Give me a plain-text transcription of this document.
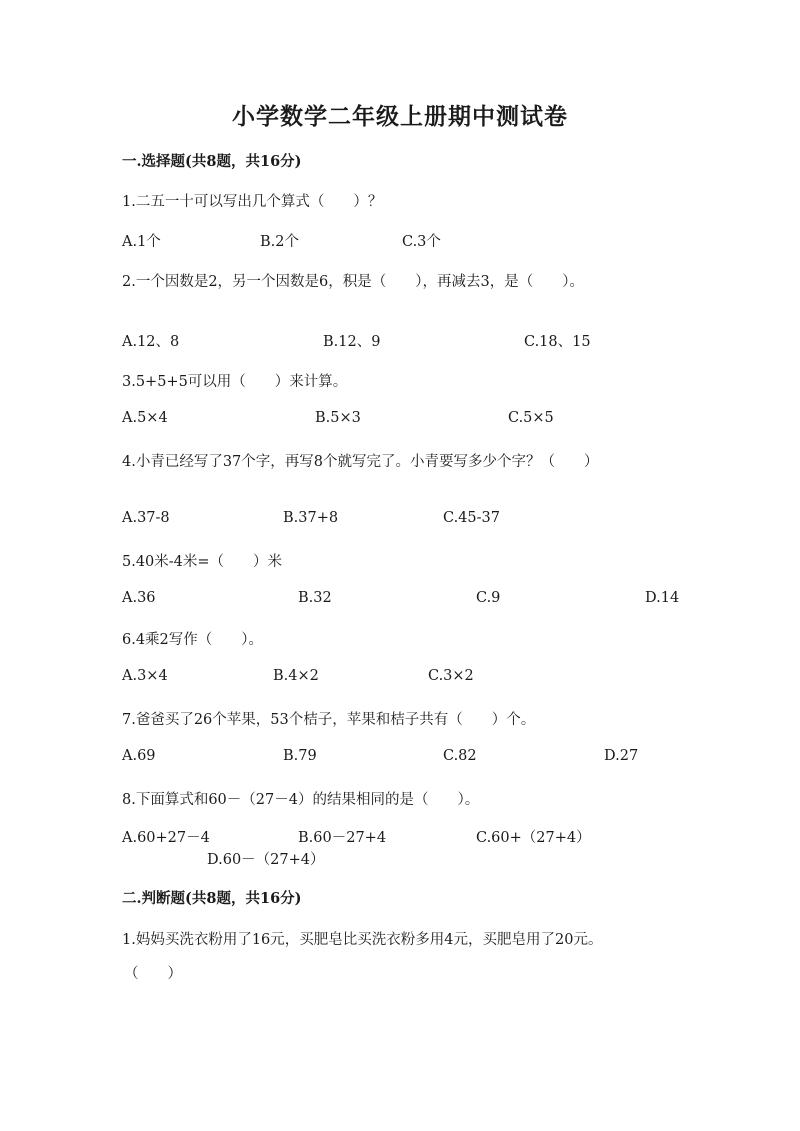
小学数学二年级上册期中测试卷
一.选择题(共8题，共16分)
1.二五一十可以写出几个算式（　　）？
A.1个	B.2个	C.3个
2.一个因数是2，另一个因数是6，积是（　　），再减去3，是（　　）。
A.12、8	B.12、9	C.18、15
3.5+5+5可以用（　　）来计算。
A.5×4	B.5×3	C.5×5
4.小青已经写了37个字，再写8个就写完了。小青要写多少个字？（　　）
A.37-8	B.37+8	C.45-37
5.40米-4米=（　　）米
A.36	B.32	C.9	D.14
6.4乘2写作（　　）。
A.3×4	B.4×2	C.3×2
7.爸爸买了26个苹果，53个桔子，苹果和桔子共有（　　）个。
A.69	B.79	C.82	D.27
8.下面算式和60－（27－4）的结果相同的是（　　）。
A.60+27－4	B.60－27+4	C.60+（27+4）
D.60－（27+4）
二.判断题(共8题，共16分)
1.妈妈买洗衣粉用了16元，买肥皂比买洗衣粉多用4元，买肥皂用了20元。
（　　）
